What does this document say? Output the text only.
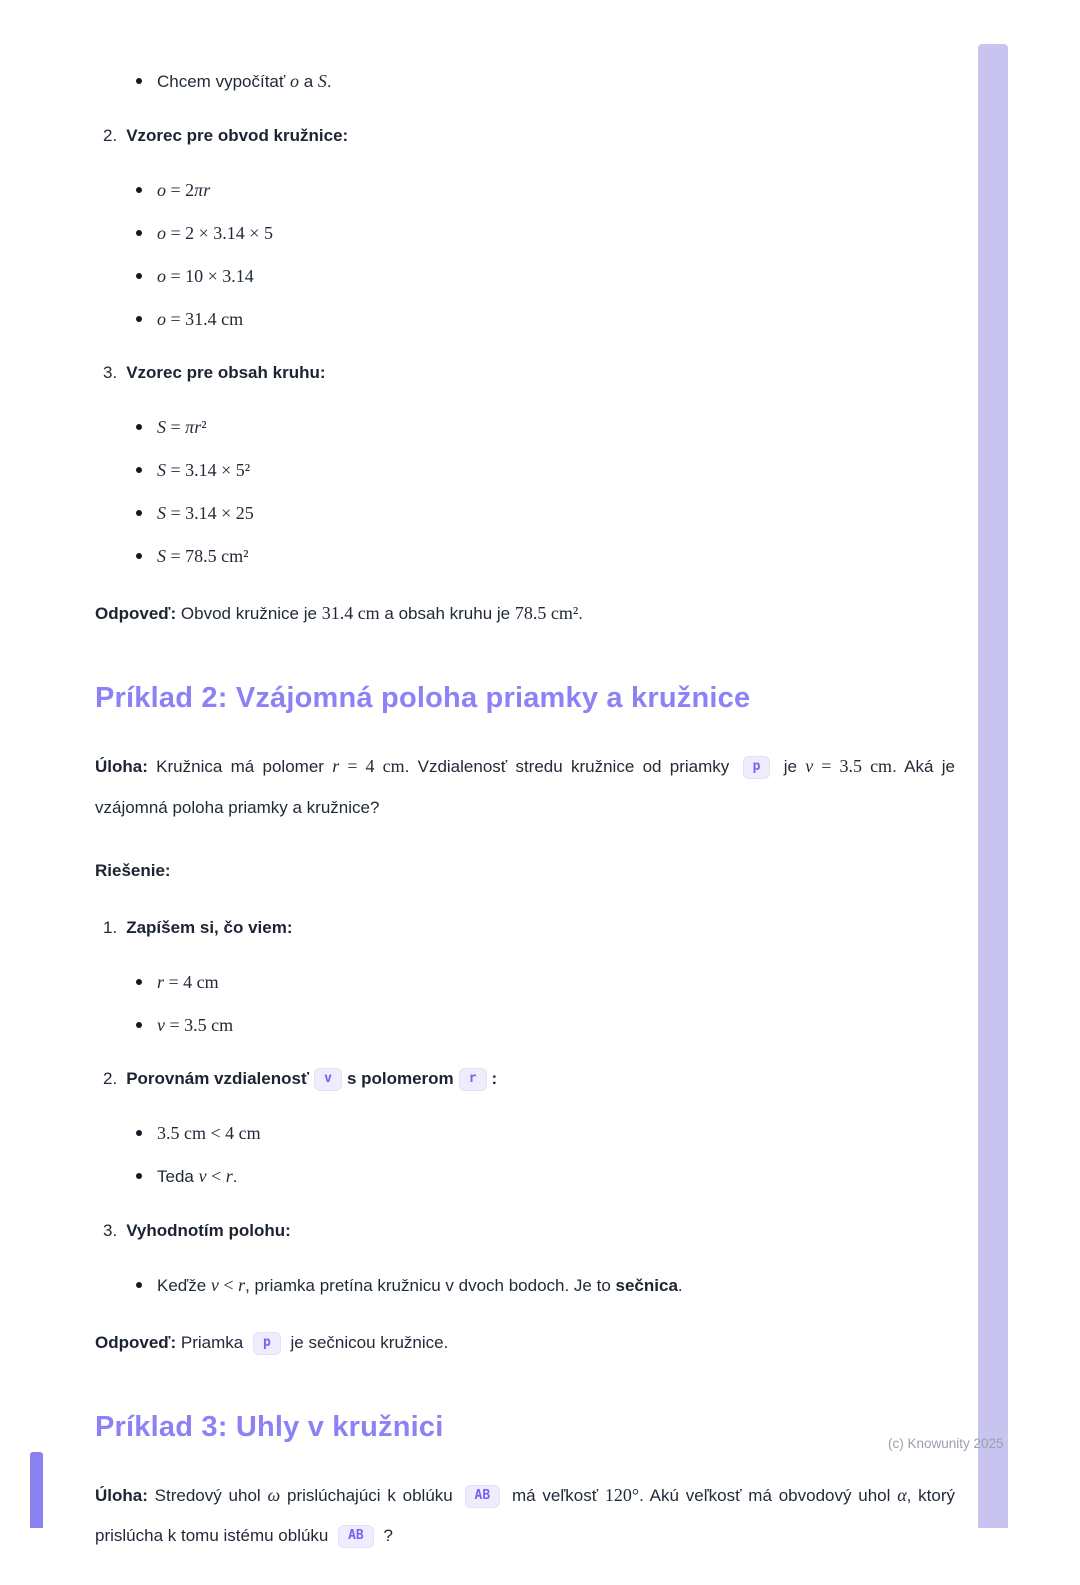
(c) Knowunity 2025
Chcem vypočítať o a S.
2. Vzorec pre obvod kružnice:
o = 2πr
o = 2 × 3.14 × 5
o = 10 × 3.14
o = 31.4 cm
3. Vzorec pre obsah kruhu:
S = πr²
S = 3.14 × 5²
S = 3.14 × 25
S = 78.5 cm²
Odpoveď: Obvod kružnice je 31.4 cm a obsah kruhu je 78.5 cm².
Príklad 2: Vzájomná poloha priamky a kružnice
Úloha: Kružnica má polomer r = 4 cm. Vzdialenosť stredu kružnice od priamky p je v = 3.5 cm. Aká je vzájomná poloha priamky a kružnice?
Riešenie:
1. Zapíšem si, čo viem:
r = 4 cm
v = 3.5 cm
2. Porovnám vzdialenosť v s polomerom r :
3.5 cm < 4 cm
Teda v < r.
3. Vyhodnotím polohu:
Keďže v < r, priamka pretína kružnicu v dvoch bodoch. Je to sečnica.
Odpoveď: Priamka p je sečnicou kružnice.
Príklad 3: Uhly v kružnici
Úloha: Stredový uhol ω prislúchajúci k oblúku AB má veľkosť 120°. Akú veľkosť má obvodový uhol α, ktorý prislúcha k tomu istému oblúku AB ?
